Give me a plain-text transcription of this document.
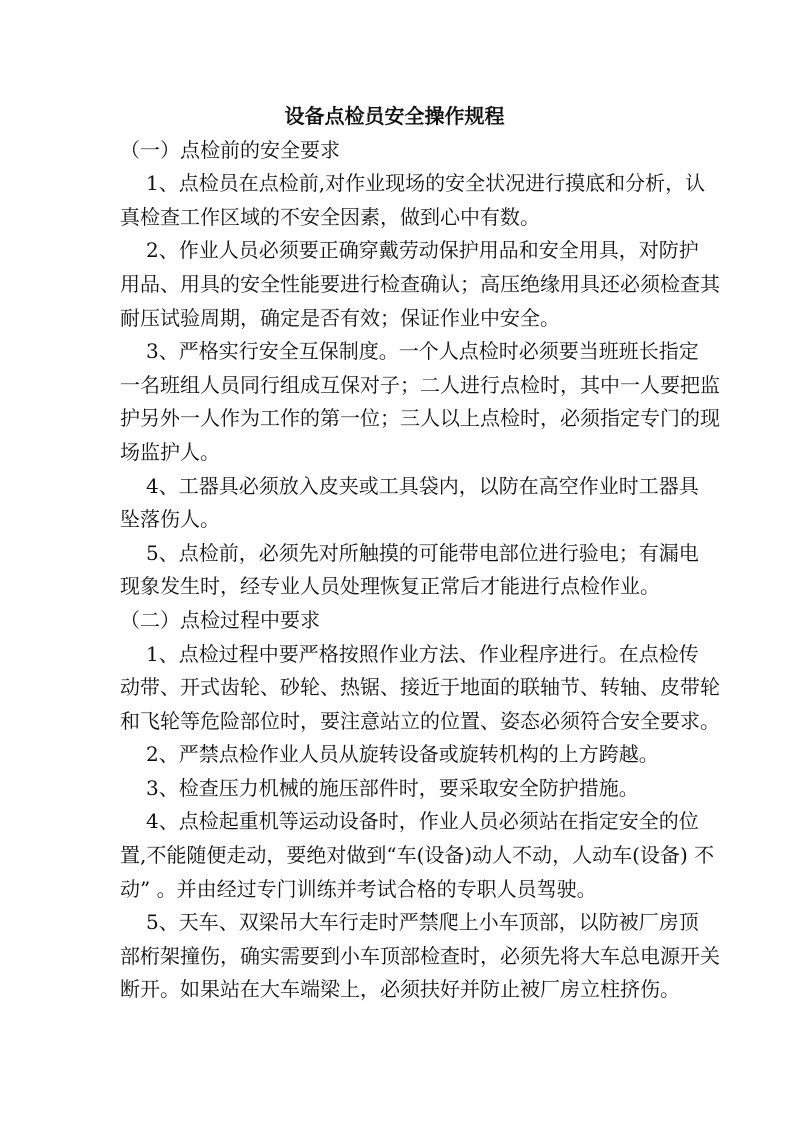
设备点检员安全操作规程
（一）点检前的安全要求
1、点检员在点检前,对作业现场的安全状况进行摸底和分析，认
真检查工作区域的不安全因素，做到心中有数。
2、作业人员必须要正确穿戴劳动保护用品和安全用具，对防护
用品、用具的安全性能要进行检查确认；高压绝缘用具还必须检查其
耐压试验周期，确定是否有效；保证作业中安全。
3、严格实行安全互保制度。一个人点检时必须要当班班长指定
一名班组人员同行组成互保对子；二人进行点检时，其中一人要把监
护另外一人作为工作的第一位；三人以上点检时，必须指定专门的现
场监护人。
4、工器具必须放入皮夹或工具袋内，以防在高空作业时工器具
坠落伤人。
5、点检前，必须先对所触摸的可能带电部位进行验电；有漏电
现象发生时，经专业人员处理恢复正常后才能进行点检作业。
（二）点检过程中要求
1、点检过程中要严格按照作业方法、作业程序进行。在点检传
动带、开式齿轮、砂轮、热锯、接近于地面的联轴节、转轴、皮带轮
和飞轮等危险部位时，要注意站立的位置、姿态必须符合安全要求。
2、严禁点检作业人员从旋转设备或旋转机构的上方跨越。
3、检查压力机械的施压部件时，要采取安全防护措施。
4、点检起重机等运动设备时，作业人员必须站在指定安全的位
置,不能随便走动，要绝对做到“车(设备)动人不动，人动车(设备) 不
动” 。并由经过专门训练并考试合格的专职人员驾驶。
5、天车、双梁吊大车行走时严禁爬上小车顶部，以防被厂房顶
部桁架撞伤，确实需要到小车顶部检查时，必须先将大车总电源开关
断开。如果站在大车端梁上，必须扶好并防止被厂房立柱挤伤。
